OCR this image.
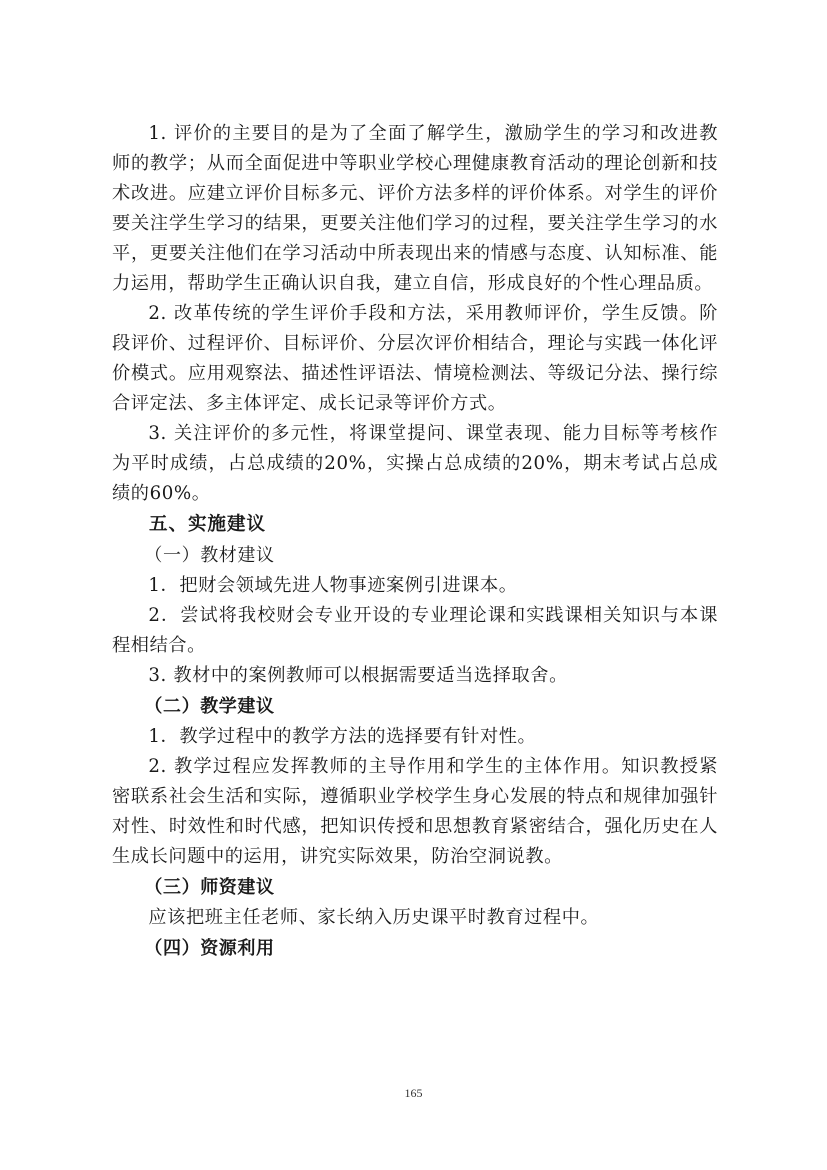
1. 评价的主要目的是为了全面了解学生，激励学生的学习和改进教师的教学；从而全面促进中等职业学校心理健康教育活动的理论创新和技术改进。应建立评价目标多元、评价方法多样的评价体系。对学生的评价要关注学生学习的结果，更要关注他们学习的过程，要关注学生学习的水平，更要关注他们在学习活动中所表现出来的情感与态度、认知标准、能力运用，帮助学生正确认识自我，建立自信，形成良好的个性心理品质。

2. 改革传统的学生评价手段和方法，采用教师评价，学生反馈。阶段评价、过程评价、目标评价、分层次评价相结合，理论与实践一体化评价模式。应用观察法、描述性评语法、情境检测法、等级记分法、操行综合评定法、多主体评定、成长记录等评价方式。

3. 关注评价的多元性，将课堂提问、课堂表现、能力目标等考核作为平时成绩，占总成绩的20%，实操占总成绩的20%，期末考试占总成绩的60%。

五、实施建议

（一）教材建议

1．把财会领域先进人物事迹案例引进课本。

2．尝试将我校财会专业开设的专业理论课和实践课相关知识与本课程相结合。

3. 教材中的案例教师可以根据需要适当选择取舍。

（二）教学建议

1．教学过程中的教学方法的选择要有针对性。

2. 教学过程应发挥教师的主导作用和学生的主体作用。知识教授紧密联系社会生活和实际，遵循职业学校学生身心发展的特点和规律加强针对性、时效性和时代感，把知识传授和思想教育紧密结合，强化历史在人生成长问题中的运用，讲究实际效果，防治空洞说教。

（三）师资建议

应该把班主任老师、家长纳入历史课平时教育过程中。

（四）资源利用

165
